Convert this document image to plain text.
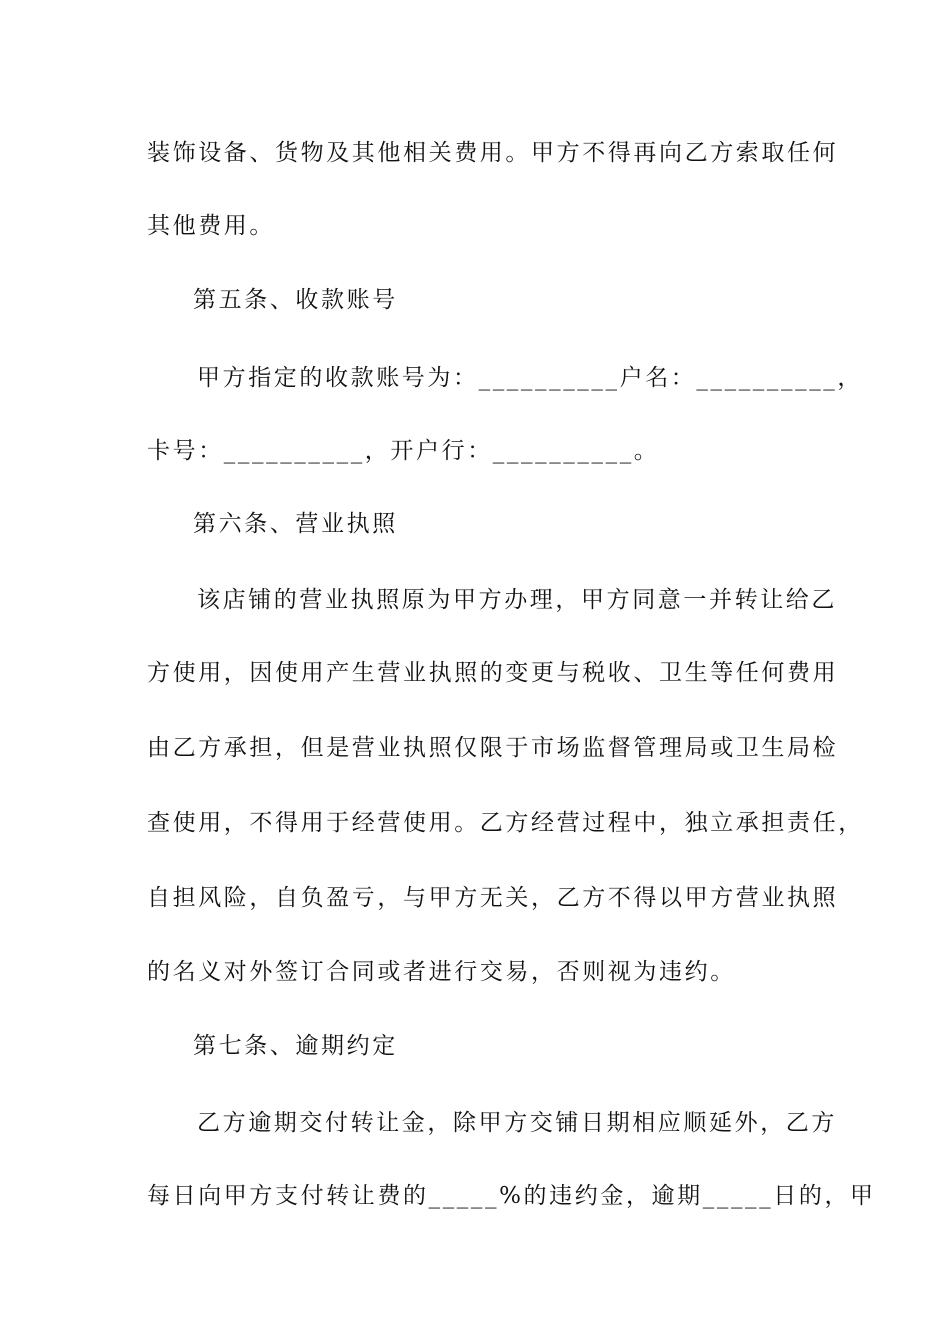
装饰设备、货物及其他相关费用。甲方不得再向乙方索取任何
其他费用。
第五条、收款账号
甲方指定的收款账号为：__________户名：__________，
卡号：__________，开户行：__________。
第六条、营业执照
该店铺的营业执照原为甲方办理，甲方同意一并转让给乙
方使用，因使用产生营业执照的变更与税收、卫生等任何费用
由乙方承担，但是营业执照仅限于市场监督管理局或卫生局检
查使用，不得用于经营使用。乙方经营过程中，独立承担责任，
自担风险，自负盈亏，与甲方无关，乙方不得以甲方营业执照
的名义对外签订合同或者进行交易，否则视为违约。
第七条、逾期约定
乙方逾期交付转让金，除甲方交铺日期相应顺延外，乙方
每日向甲方支付转让费的_____%的违约金，逾期_____日的，甲
